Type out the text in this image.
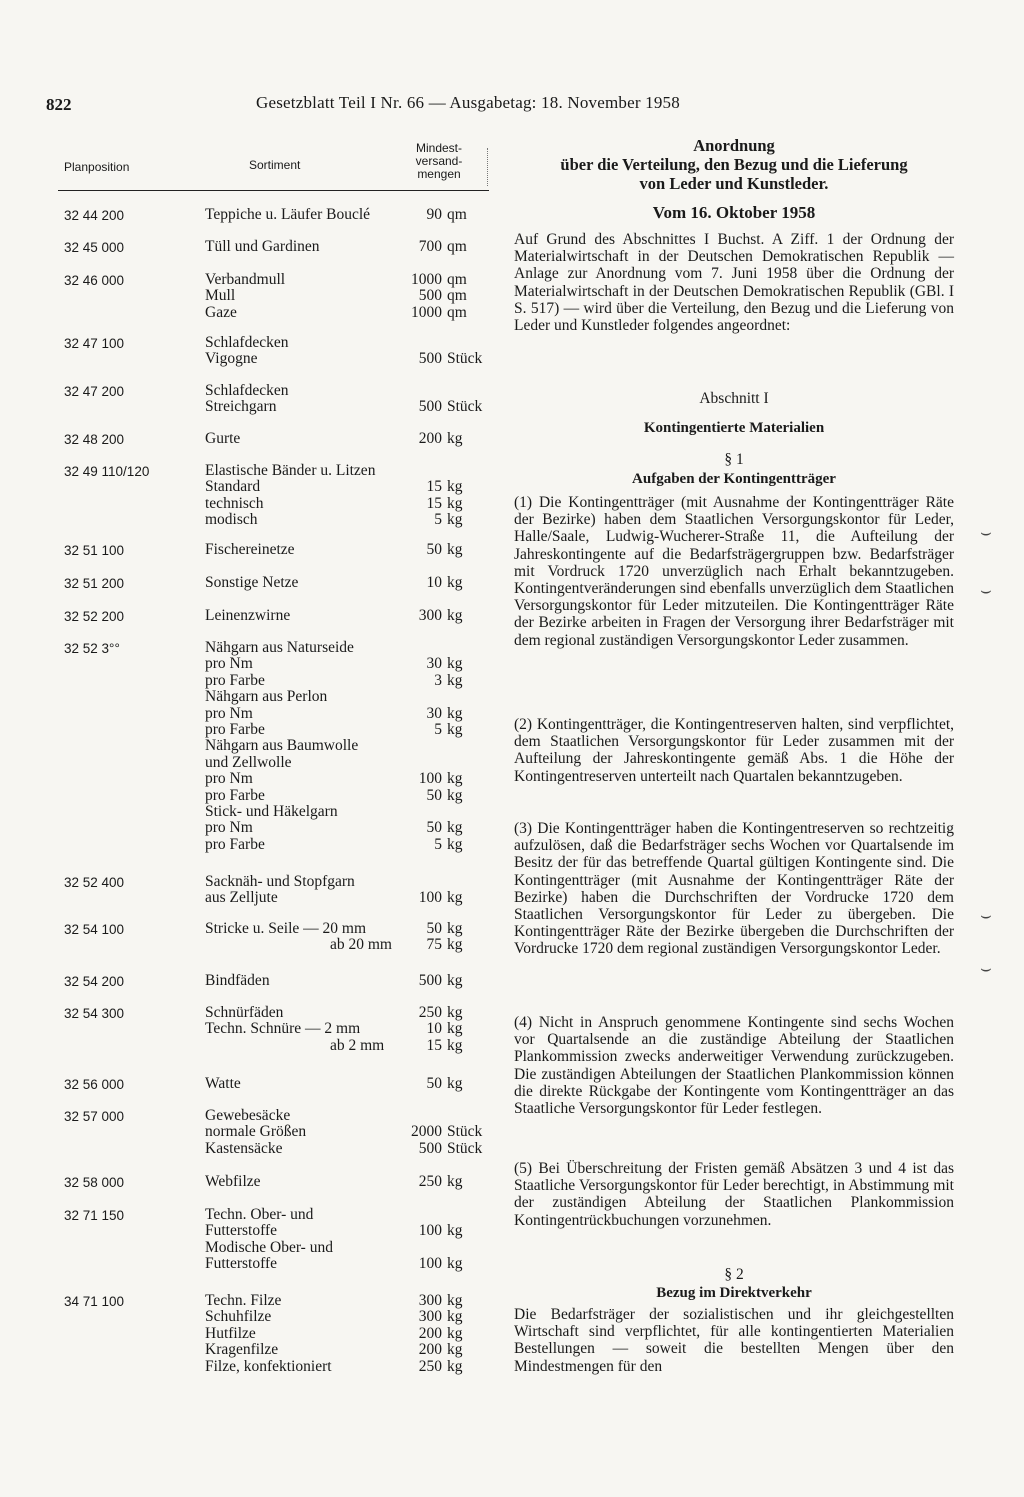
822	Gesetzblatt Teil I Nr. 66 — Ausgabetag: 18. November 1958
Planposition	Sortiment
Mindest-
versand-
mengen
32 44 200	Teppiche u. Läufer Bouclé	90 qm
32 45 000	Tüll und Gardinen	700 qm
32 46 000	Verbandmull	1000 qm
Mull	500 qm
Gaze	1000 qm
32 47 100	Schlafdecken
Vigogne	500 Stück
32 47 200	Schlafdecken
Streichgarn	500 Stück
32 48 200	Gurte	200 kg
32 49 110/120	Elastische Bänder u. Litzen
Standard	15 kg
technisch	15 kg
modisch	5 kg
32 51 100	Fischereinetze	50 kg
32 51 200	Sonstige Netze	10 kg
32 52 200	Leinenzwirne	300 kg
32 52 3°°	Nähgarn aus Naturseide
pro Nm	30 kg
pro Farbe	3 kg
Nähgarn aus Perlon
pro Nm	30 kg
pro Farbe	5 kg
Nähgarn aus Baumwolle
und Zellwolle
pro Nm	100 kg
pro Farbe	50 kg
Stick- und Häkelgarn
pro Nm	50 kg
pro Farbe	5 kg
32 52 400	Sacknäh- und Stopfgarn
aus Zelljute	100 kg
32 54 100	Stricke u. Seile — 20 mm	50 kg
ab 20 mm 75 kg
32 54 200	Bindfäden	500 kg
32 54 300	Schnürfäden	250 kg
Techn. Schnüre — 2 mm	10 kg
ab 2 mm	15 kg
32 56 000	Watte	50 kg
32 57 000	Gewebesäcke
normale Größen	2000 Stück
Kastensäcke	500 Stück
32 58 000	Webfilze	250 kg
32 71 150	Techn. Ober- und
Futterstoffe	100 kg
Modische Ober- und
Futterstoffe	100 kg
34 71 100	Techn. Filze	300 kg
Schuhfilze	300 kg
Hutfilze	200 kg
Kragenfilze	200 kg
Filze, konfektioniert	250 kg
Anordnung
über die Verteilung, den Bezug und die Lieferung
von Leder und Kunstleder.
Vom 16. Oktober 1958
Auf Grund des Abschnittes I Buchst. A Ziff. 1 der Ordnung der Materialwirtschaft in der Deutschen Demokratischen Republik — Anlage zur Anordnung vom 7. Juni 1958 über die Ordnung der Materialwirtschaft in der Deutschen Demokratischen Republik (GBl. I S. 517) — wird über die Verteilung, den Bezug und die Lieferung von Leder und Kunstleder folgendes angeordnet:
Abschnitt I
Kontingentierte Materialien
§ 1
Aufgaben der Kontingentträger
(1) Die Kontingentträger (mit Ausnahme der Kontingentträger Räte der Bezirke) haben dem Staatlichen Versorgungskontor für Leder, Halle/Saale, Ludwig-Wucherer-Straße 11, die Aufteilung der Jahreskontingente auf die Bedarfsträgergruppen bzw. Bedarfsträger mit Vordruck 1720 unverzüglich nach Erhalt bekanntzugeben. Kontingentveränderungen sind ebenfalls unverzüglich dem Staatlichen Versorgungskontor für Leder mitzuteilen. Die Kontingentträger Räte der Bezirke arbeiten in Fragen der Versorgung ihrer Bedarfsträger mit dem regional zuständigen Versorgungskontor Leder zusammen.
(2) Kontingentträger, die Kontingentreserven halten, sind verpflichtet, dem Staatlichen Versorgungskontor für Leder zusammen mit der Aufteilung der Jahreskontingente gemäß Abs. 1 die Höhe der Kontingentreserven unterteilt nach Quartalen bekanntzugeben.
(3) Die Kontingentträger haben die Kontingentreserven so rechtzeitig aufzulösen, daß die Bedarfsträger sechs Wochen vor Quartalsende im Besitz der für das betreffende Quartal gültigen Kontingente sind. Die Kontingentträger (mit Ausnahme der Kontingentträger Räte der Bezirke) haben die Durchschriften der Vordrucke 1720 dem Staatlichen Versorgungskontor für Leder zu übergeben. Die Kontingentträger Räte der Bezirke übergeben die Durchschriften der Vordrucke 1720 dem regional zuständigen Versorgungskontor Leder.
(4) Nicht in Anspruch genommene Kontingente sind sechs Wochen vor Quartalsende an die zuständige Abteilung der Staatlichen Plankommission zwecks anderweitiger Verwendung zurückzugeben. Die zuständigen Abteilungen der Staatlichen Plankommission können die direkte Rückgabe der Kontingente vom Kontingentträger an das Staatliche Versorgungskontor für Leder festlegen.
(5) Bei Überschreitung der Fristen gemäß Absätzen 3 und 4 ist das Staatliche Versorgungskontor für Leder berechtigt, in Abstimmung mit der zuständigen Abteilung der Staatlichen Plankommission Kontingentrückbuchungen vorzunehmen.
§ 2
Bezug im Direktverkehr
Die Bedarfsträger der sozialistischen und ihr gleichgestellten Wirtschaft sind verpflichtet, für alle kontingentierten Materialien Bestellungen — soweit die bestellten Mengen über den Mindestmengen für den
⌣
⌣
⌣
⌣
